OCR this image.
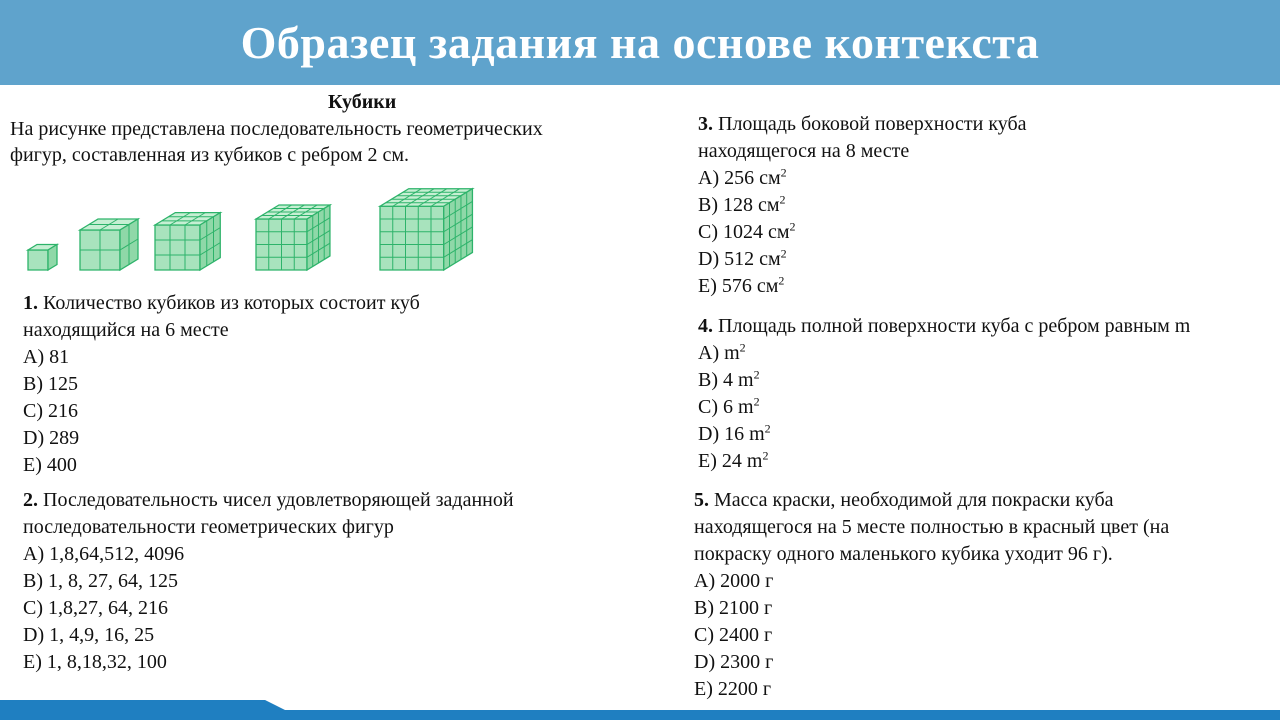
Образец задания на основе контекста
Кубики
На рисунке представлена последовательность геометрических
фигур, составленная из кубиков с ребром 2 см.
1. Количество кубиков из которых состоит куб
находящийся на 6 месте
A) 81
B) 125
C) 216
D) 289
E) 400
2. Последовательность чисел удовлетворяющей заданной
последовательности геометрических фигур
A) 1,8,64,512, 4096
B) 1, 8, 27, 64, 125
C) 1,8,27, 64, 216
D) 1, 4,9, 16, 25
E) 1, 8,18,32, 100
3. Площадь боковой поверхности куба
находящегося на 8 месте
A) 256 $см^2$
B) 128 $см^2$
C) 1024 $см^2$
D) 512 $см^2$
E) 576 $см^2$
4. Площадь полной поверхности куба с ребром равным m
A) $m^2$
B) 4 $m^2$
C) 6 $m^2$
D) 16 $m^2$
E) 24 $m^2$
5. Масса краски, необходимой для покраски куба
находящегося на 5 месте полностью в красный цвет (на
покраску одного маленького кубика уходит 96 г).
A) 2000 г
B) 2100 г
C) 2400 г
D) 2300 г
E) 2200 г
